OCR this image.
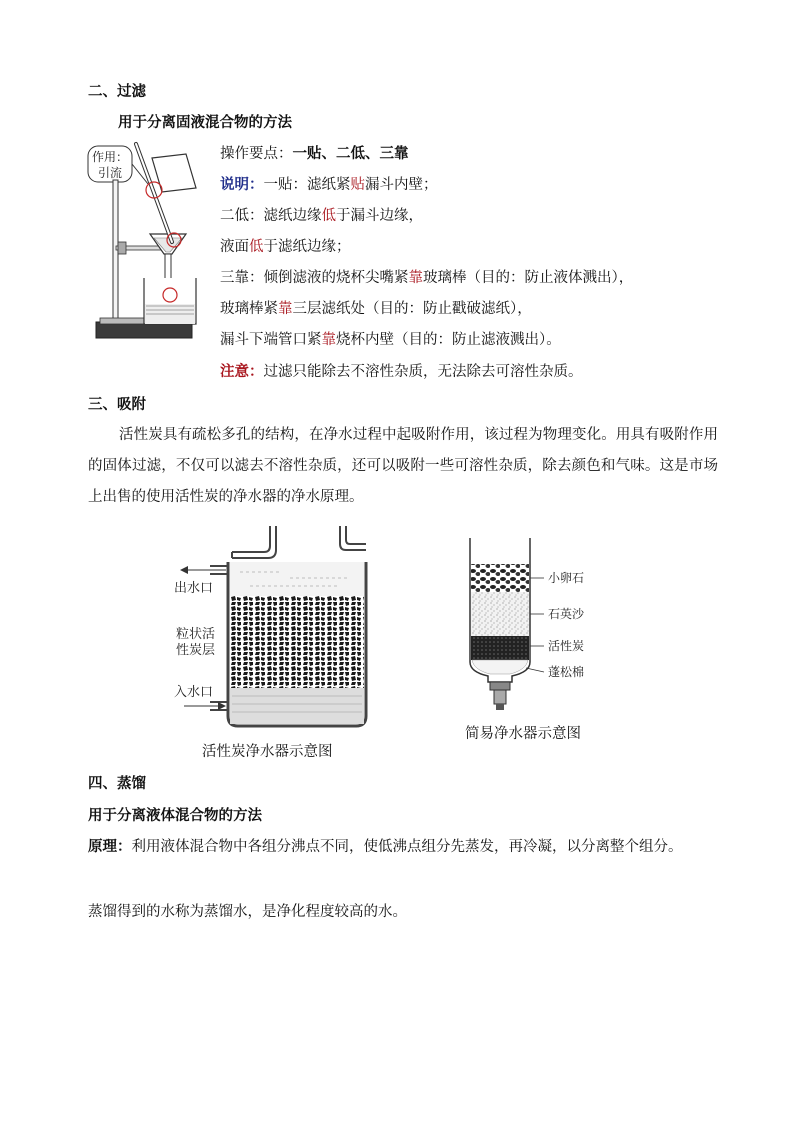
二、过滤
用于分离固液混合物的方法
作用：
引流
操作要点：一贴、二低、三靠
说明：一贴：滤纸紧贴漏斗内壁；
二低：滤纸边缘低于漏斗边缘，
液面低于滤纸边缘；
三靠：倾倒滤液的烧杯尖嘴紧靠玻璃棒（目的：防止液体溅出），
玻璃棒紧靠三层滤纸处（目的：防止戳破滤纸），
漏斗下端管口紧靠烧杯内壁（目的：防止滤液溅出）。
注意：过滤只能除去不溶性杂质，无法除去可溶性杂质。
三、吸附
活性炭具有疏松多孔的结构，在净水过程中起吸附作用，该过程为物理变化。用具有吸附作用的固体过滤，不仅可以滤去不溶性杂质，还可以吸附一些可溶性杂质，除去颜色和气味。这是市场上出售的使用活性炭的净水器的净水原理。
出水口
粒状活
性炭层
入水口
活性炭净水器示意图
小卵石
石英沙
活性炭
蓬松棉
简易净水器示意图
四、蒸馏
用于分离液体混合物的方法
原理：利用液体混合物中各组分沸点不同，使低沸点组分先蒸发，再冷凝，以分离整个组分。
蒸馏得到的水称为蒸馏水，是净化程度较高的水。
